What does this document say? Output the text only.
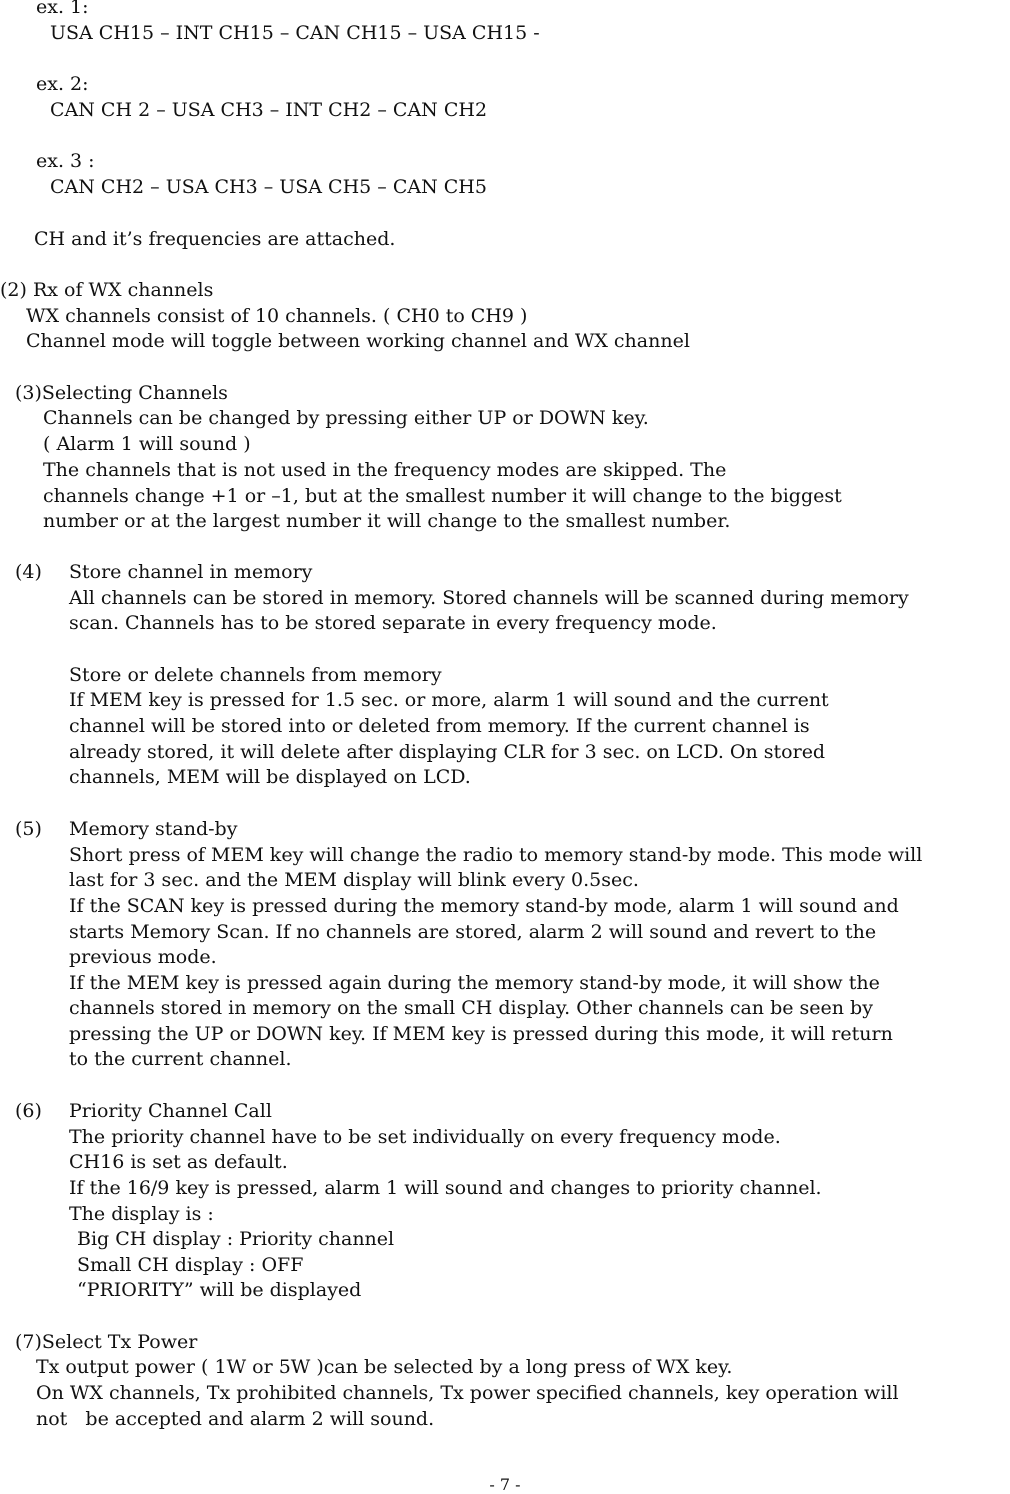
ex. 1:
USA CH15 – INT CH15 – CAN CH15 – USA CH15 -
ex. 2:
CAN CH 2 – USA CH3 – INT CH2 – CAN CH2
ex. 3 :
CAN CH2 – USA CH3 – USA CH5 – CAN CH5
CH and it’s frequencies are attached.
(2) Rx of WX channels
WX channels consist of 10 channels. ( CH0 to CH9 )
Channel mode will toggle between working channel and WX channel
(3)Selecting Channels
Channels can be changed by pressing either UP or DOWN key.
( Alarm 1 will sound )
The channels that is not used in the frequency modes are skipped. The
channels change +1 or –1, but at the smallest number it will change to the biggest
number or at the largest number it will change to the smallest number.
(4) Store channel in memory
All channels can be stored in memory. Stored channels will be scanned during memory
scan. Channels has to be stored separate in every frequency mode.
Store or delete channels from memory
If MEM key is pressed for 1.5 sec. or more, alarm 1 will sound and the current
channel will be stored into or deleted from memory. If the current channel is
already stored, it will delete after displaying CLR for 3 sec. on LCD. On stored
channels, MEM will be displayed on LCD.
(5) Memory stand-by
Short press of MEM key will change the radio to memory stand-by mode. This mode will
last for 3 sec. and the MEM display will blink every 0.5sec.
If the SCAN key is pressed during the memory stand-by mode, alarm 1 will sound and
starts Memory Scan. If no channels are stored, alarm 2 will sound and revert to the
previous mode.
If the MEM key is pressed again during the memory stand-by mode, it will show the
channels stored in memory on the small CH display. Other channels can be seen by
pressing the UP or DOWN key. If MEM key is pressed during this mode, it will return
to the current channel.
(6) Priority Channel Call
The priority channel have to be set individually on every frequency mode.
CH16 is set as default.
If the 16/9 key is pressed, alarm 1 will sound and changes to priority channel.
The display is :
Big CH display : Priority channel
Small CH display : OFF
“PRIORITY” will be displayed
(7)Select Tx Power
Tx output power ( 1W or 5W )can be selected by a long press of WX key.
On WX channels, Tx prohibited channels, Tx power specified channels, key operation will
not   be accepted and alarm 2 will sound.
- 7 -
